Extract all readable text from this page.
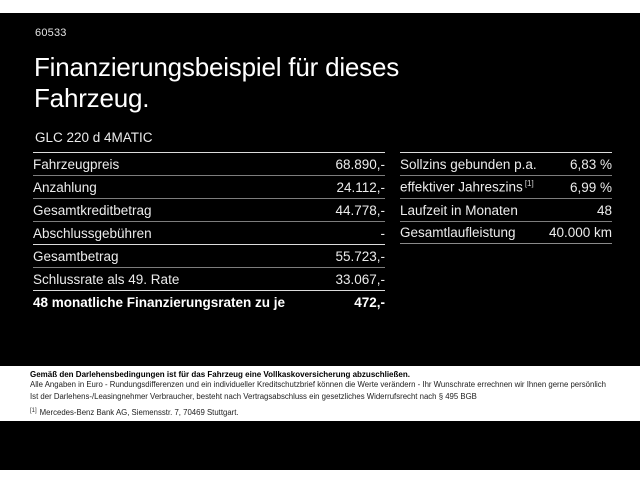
60533
Finanzierungsbeispiel für dieses
Fahrzeug.
GLC 220 d 4MATIC
Fahrzeugpreis	68.890,-
Anzahlung	24.112,-
Gesamtkreditbetrag	44.778,-
Abschlussgebühren	-
Gesamtbetrag	55.723,-
Schlussrate als 49. Rate	33.067,-
48 monatliche Finanzierungsraten zu je	472,-
Sollzins gebunden p.a. 6,83 %
effektiver Jahreszins [1]	6,99 %
Laufzeit in Monaten	48
Gesamtlaufleistung 40.000 km
Gemäß den Darlehensbedingungen ist für das Fahrzeug eine Vollkaskoversicherung abzuschließen.
Alle Angaben in Euro - Rundungsdifferenzen und ein individueller Kreditschutzbrief können die Werte verändern - Ihr Wunschrate errechnen wir Ihnen gerne persönlich
Ist der Darlehens-/Leasingnehmer Verbraucher, besteht nach Vertragsabschluss ein gesetzliches Widerrufsrecht nach § 495 BGB
[1] Mercedes-Benz Bank AG, Siemensstr. 7, 70469 Stuttgart.
